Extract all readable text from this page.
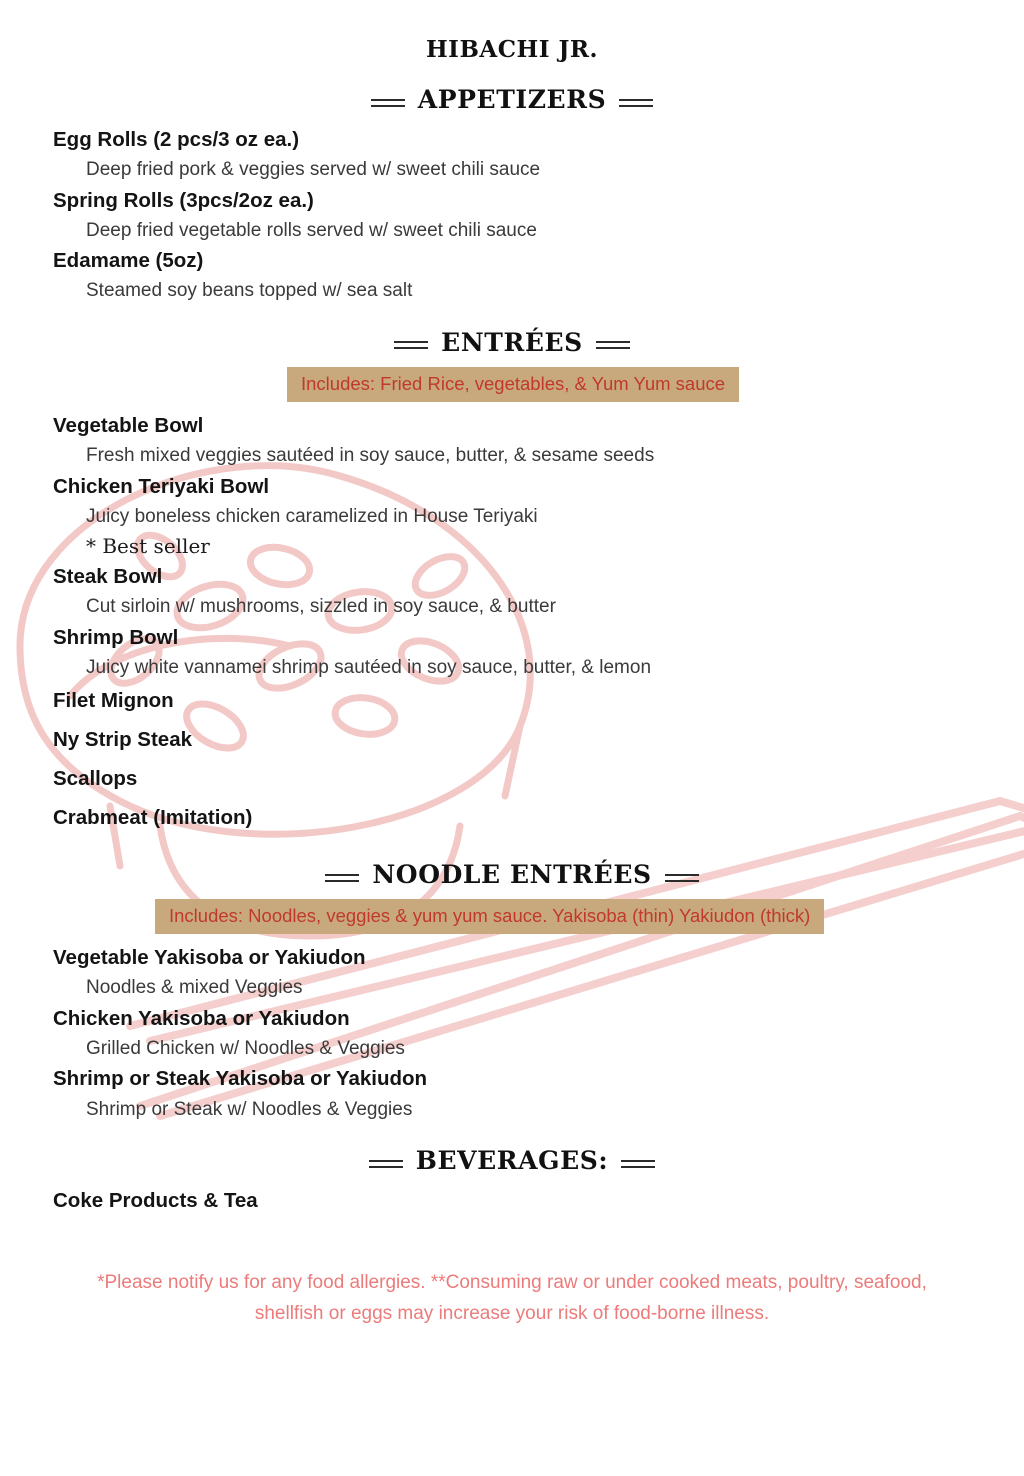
HIBACHI JR.
APPETIZERS
Egg Rolls (2 pcs/3 oz ea.)
Deep fried pork & veggies served w/ sweet chili sauce
Spring Rolls (3pcs/2oz ea.)
Deep fried vegetable rolls served w/ sweet chili sauce
Edamame (5oz)
Steamed soy beans topped w/ sea salt
ENTRÉES
Includes: Fried Rice, vegetables, & Yum Yum sauce
Vegetable Bowl
Fresh mixed veggies sautéed in soy sauce, butter, & sesame seeds
Chicken Teriyaki Bowl
Juicy boneless chicken caramelized in House Teriyaki
* Best seller
Steak Bowl
Cut sirloin w/ mushrooms, sizzled in soy sauce, & butter
Shrimp Bowl
Juicy white vannamei shrimp sautéed in soy sauce, butter, & lemon
Filet Mignon
Ny Strip Steak
Scallops
Crabmeat (Imitation)
NOODLE ENTRÉES
Includes: Noodles, veggies & yum yum sauce. Yakisoba (thin) Yakiudon (thick)
Vegetable Yakisoba or Yakiudon
Noodles & mixed Veggies
Chicken Yakisoba or Yakiudon
Grilled Chicken w/ Noodles & Veggies
Shrimp or Steak Yakisoba or Yakiudon
Shrimp or Steak w/ Noodles & Veggies
BEVERAGES:
Coke Products & Tea
*Please notify us for any food allergies. **Consuming raw or under cooked meats, poultry, seafood,
shellfish or eggs may increase your risk of food-borne illness.
